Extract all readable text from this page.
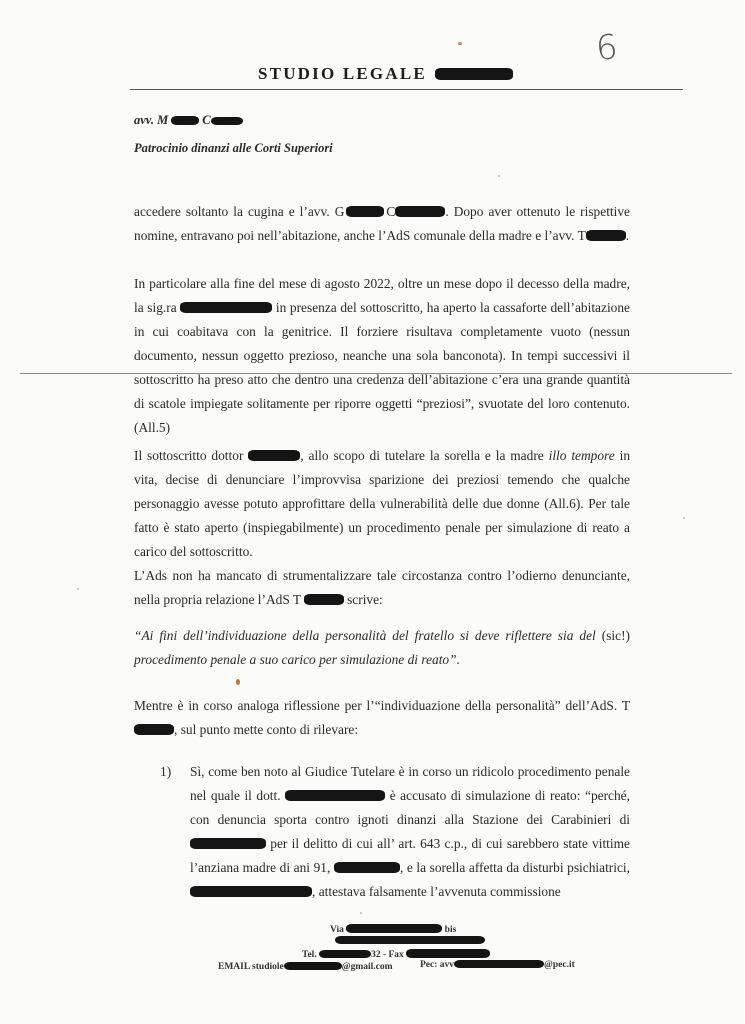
6
STUDIO LEGALE
avv. M	C
Patrocinio dinanzi alle Corti Superiori

accedere soltanto la cugina e l’avv. G	C	. Dopo aver ottenuto le rispettive nomine, entravano poi nell’abitazione, anche l’AdS comunale della madre e l’avv. T	.

In particolare alla fine del mese di agosto 2022, oltre un mese dopo il decesso della madre, la sig.ra	in presenza del sottoscritto, ha aperto la cassaforte dell’abitazione in cui coabitava con la genitrice. Il forziere risultava completamente vuoto (nessun documento, nessun oggetto prezioso, neanche una sola banconota). In tempi successivi il sottoscritto ha preso atto che dentro una credenza dell’abitazione c’era una grande quantità di scatole impiegate solitamente per riporre oggetti “preziosi”, svuotate del loro contenuto. (All.5)

Il sottoscritto dottor	, allo scopo di tutelare la sorella e la madre illo tempore in vita, decise di denunciare l’improvvisa sparizione dei preziosi temendo che qualche personaggio avesse potuto approfittare della vulnerabilità delle due donne (All.6). Per tale fatto è stato aperto (inspiegabilmente) un procedimento penale per simulazione di reato a carico del sottoscritto.

L’Ads non ha mancato di strumentalizzare tale circostanza contro l’odierno denunciante, nella propria relazione l’AdS T	scrive:

“Ai fini dell’individuazione della personalità del fratello si deve riflettere sia del (sic!) procedimento penale a suo carico per simulazione di reato”.

Mentre è in corso analoga riflessione per l’“individuazione della personalità” dell’AdS. T, sul punto mette conto di rilevare:

1)	Sì, come ben noto al Giudice Tutelare è in corso un ridicolo procedimento penale nel quale il dott.	è accusato di simulazione di reato: “perché, con denuncia sporta contro ignoti dinanzi alla Stazione dei Carabinieri di  per il delitto di cui all’ art. 643 c.p., di cui sarebbero state vittime l’anziana madre di ani 91,	, e la sorella affetta da disturbi psichiatrici, , attestava falsamente l’avvenuta commissione

Via	bis
Tel.	32 - Fax
EMAIL studiole	@gmail.com	Pec: avv	@pec.it
